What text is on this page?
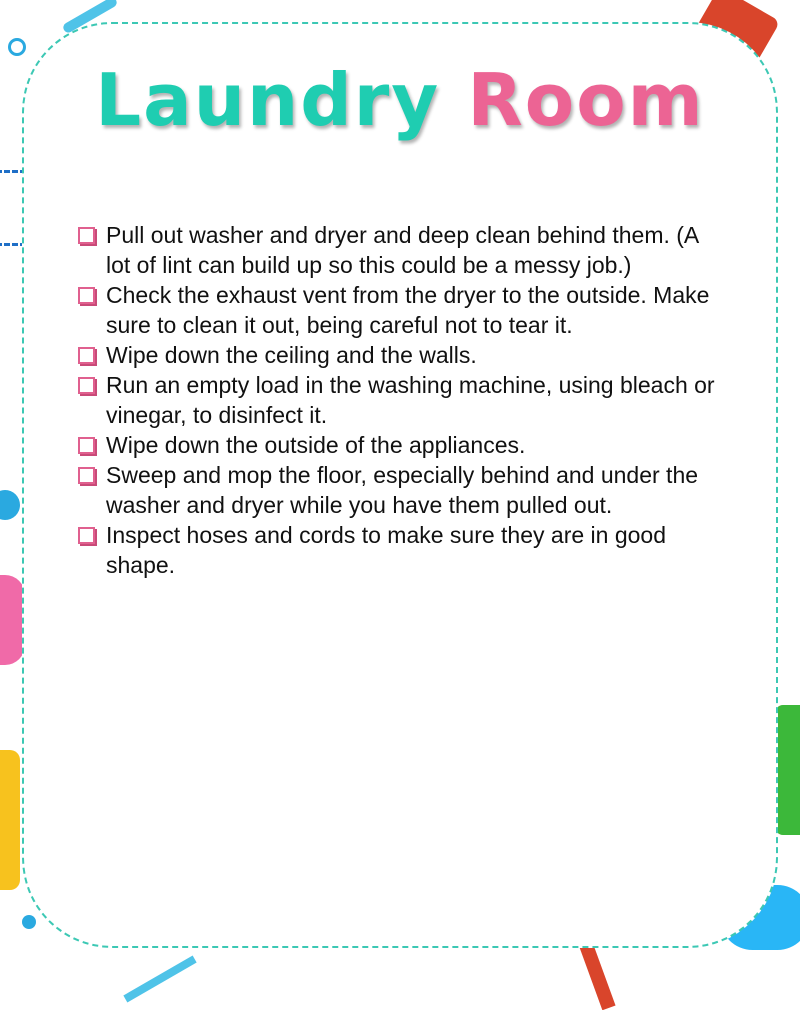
Laundry Room
Pull out washer and dryer and deep clean behind them. (A lot of lint can build up so this could be a messy job.)
Check the exhaust vent from the dryer to the outside. Make sure to clean it out, being careful not to tear it.
Wipe down the ceiling and the walls.
Run an empty load in the washing machine, using bleach or vinegar, to disinfect it.
Wipe down the outside of the appliances.
Sweep and mop the floor, especially behind and under the washer and dryer while you have them pulled out.
Inspect hoses and cords to make sure they are in good shape.
